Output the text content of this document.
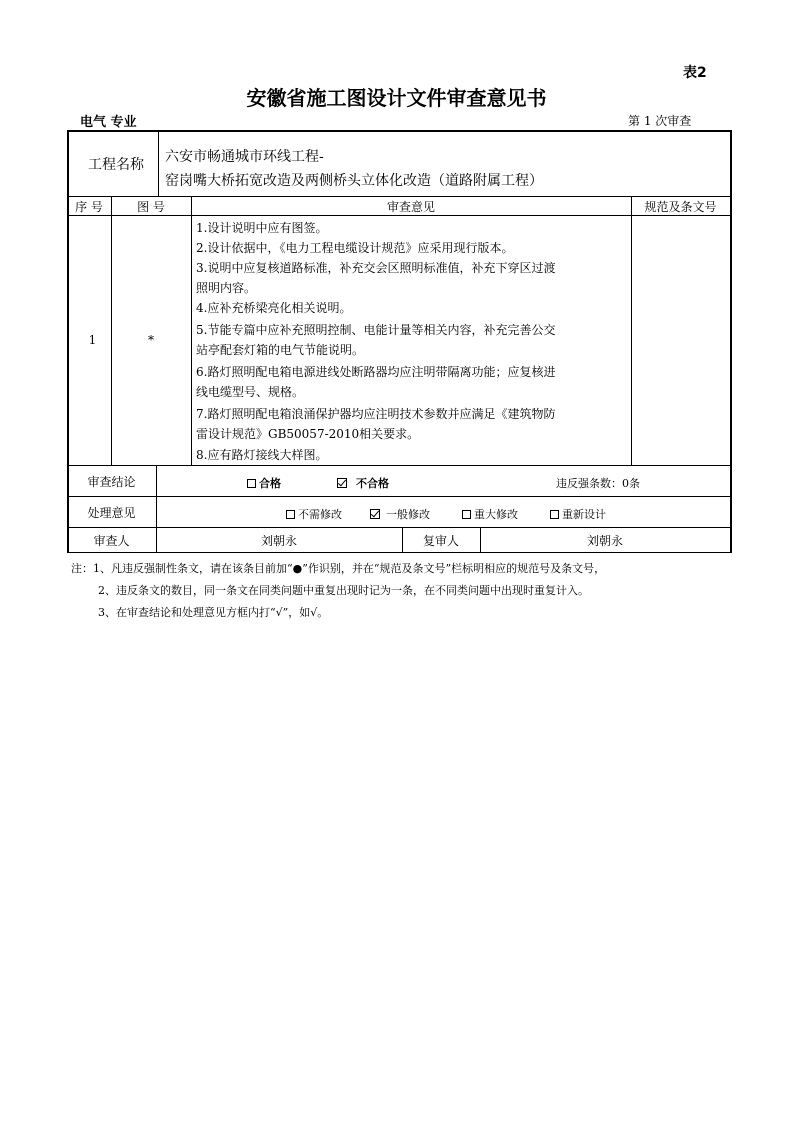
表2
安徽省施工图设计文件审查意见书
电气 专业	第 1 次审查
工程名称	六安市畅通城市环线工程-
窑岗嘴大桥拓宽改造及两侧桥头立体化改造（道路附属工程）
序 号	图 号	审查意见	规范及条文号
1	*
1.设计说明中应有图签。
2.设计依据中，《电力工程电缆设计规范》应采用现行版本。
3.说明中应复核道路标准，补充交会区照明标准值，补充下穿区过渡
照明内容。
4.应补充桥梁亮化相关说明。
5.节能专篇中应补充照明控制、电能计量等相关内容，补充完善公交
站亭配套灯箱的电气节能说明。
6.路灯照明配电箱电源进线处断路器均应注明带隔离功能；应复核进
线电缆型号、规格。
7.路灯照明配电箱浪涌保护器均应注明技术参数并应满足《建筑物防
雷设计规范》GB50057-2010相关要求。
8.应有路灯接线大样图。
审查结论	合格	不合格	违反强条数：0条
处理意见	不需修改	一般修改	重大修改	重新设计
审查人	刘朝永	复审人	刘朝永
注：1、凡违反强制性条文，请在该条目前加“●”作识别，并在“规范及条文号”栏标明相应的规范号及条文号，
2、违反条文的数目，同一条文在同类问题中重复出现时记为一条，在不同类问题中出现时重复计入。
3、在审查结论和处理意见方框内打“√”，如√。
